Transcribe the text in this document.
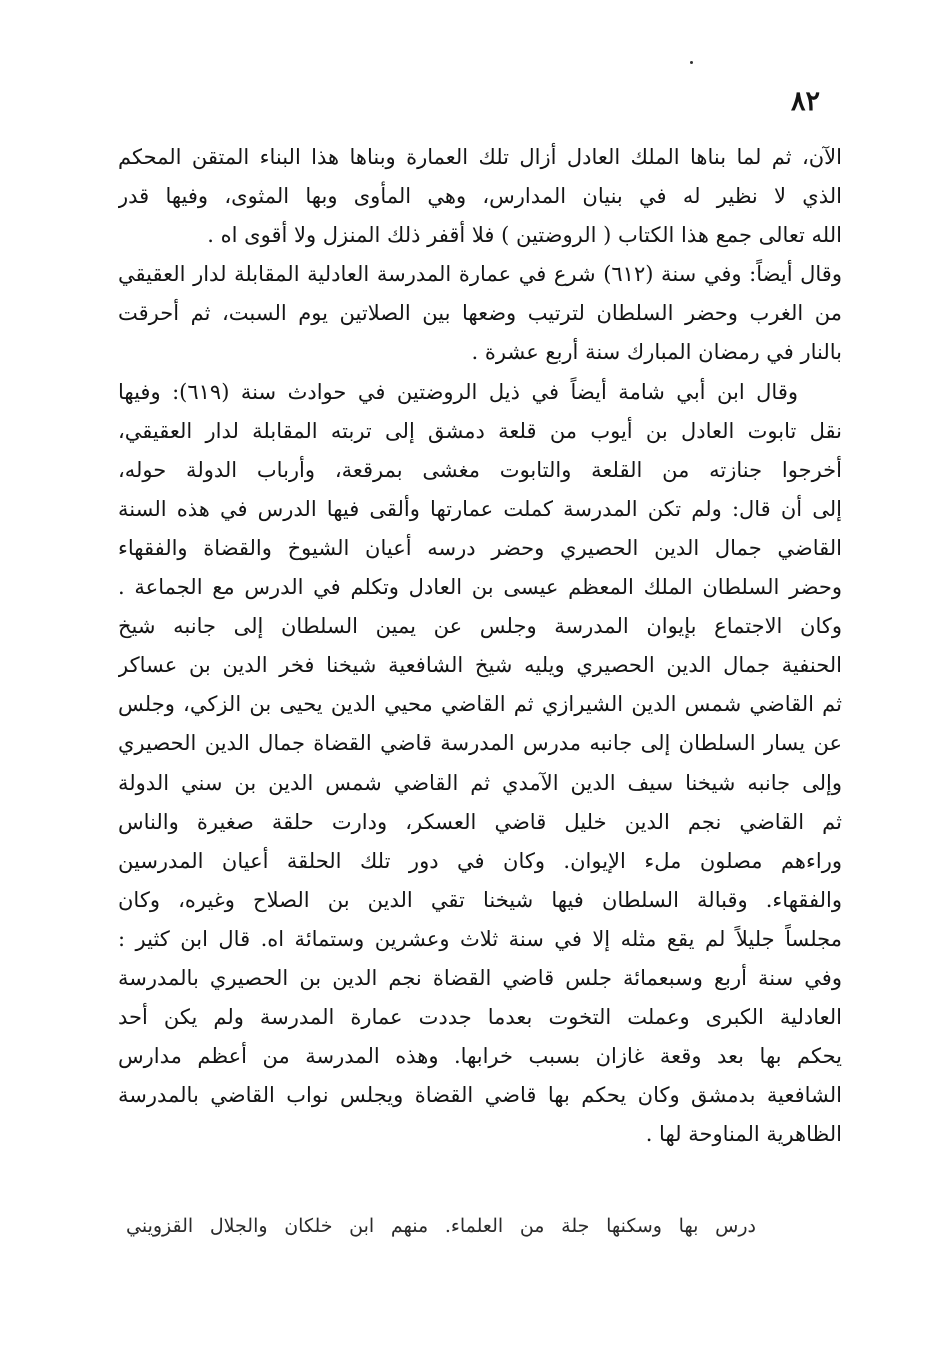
٨٢
الآن، ثم لما بناها الملك العادل أزال تلك العمارة وبناها هذا البناء المتقن المحكم
الذي لا نظير له في بنيان المدارس، وهي المأوى وبها المثوى، وفيها قدر
الله تعالى جمع هذا الكتاب ( الروضتين ) فلا أقفر ذلك المنزل ولا أقوى اه .
وقال أيضاً: وفي سنة (٦١٢) شرع في عمارة المدرسة العادلية المقابلة لدار العقيقي
من الغرب وحضر السلطان لترتيب وضعها بين الصلاتين يوم السبت، ثم أحرقت
بالنار في رمضان المبارك سنة أربع عشرة .
وقال ابن أبي شامة أيضاً في ذيل الروضتين في حوادث سنة (٦١٩): وفيها
نقل تابوت العادل بن أيوب من قلعة دمشق إلى تربته المقابلة لدار العقيقي،
أخرجوا جنازته من القلعة والتابوت مغشى بمرقعة، وأرباب الدولة حوله،
إلى أن قال: ولم تكن المدرسة كملت عمارتها وألقى فيها الدرس في هذه السنة
القاضي جمال الدين الحصيري وحضر درسه أعيان الشيوخ والقضاة والفقهاء
وحضر السلطان الملك المعظم عيسى بن العادل وتكلم في الدرس مع الجماعة .
وكان الاجتماع بإيوان المدرسة وجلس عن يمين السلطان إلى جانبه شيخ
الحنفية جمال الدين الحصيري ويليه شيخ الشافعية شيخنا فخر الدين بن عساكر
ثم القاضي شمس الدين الشيرازي ثم القاضي محيي الدين يحيى بن الزكي، وجلس
عن يسار السلطان إلى جانبه مدرس المدرسة قاضي القضاة جمال الدين الحصيري
وإلى جانبه شيخنا سيف الدين الآمدي ثم القاضي شمس الدين بن سني الدولة
ثم القاضي نجم الدين خليل قاضي العسكر، ودارت حلقة صغيرة والناس
وراءهم مصلون ملء الإيوان. وكان في دور تلك الحلقة أعيان المدرسين
والفقهاء. وقبالة السلطان فيها شيخنا تقي الدين بن الصلاح وغيره، وكان
مجلساً جليلاً لم يقع مثله إلا في سنة ثلاث وعشرين وستمائة اه. قال ابن كثير :
وفي سنة أربع وسبعمائة جلس قاضي القضاة نجم الدين بن الحصيري بالمدرسة
العادلية الكبرى وعملت التخوت بعدما جددت عمارة المدرسة ولم يكن أحد
يحكم بها بعد وقعة غازان بسبب خرابها. وهذه المدرسة من أعظم مدارس
الشافعية بدمشق وكان يحكم بها قاضي القضاة ويجلس نواب القاضي بالمدرسة
الظاهرية المناوحة لها .
درس بها وسكنها جلة من العلماء. منهم ابن خلكان والجلال القزويني
